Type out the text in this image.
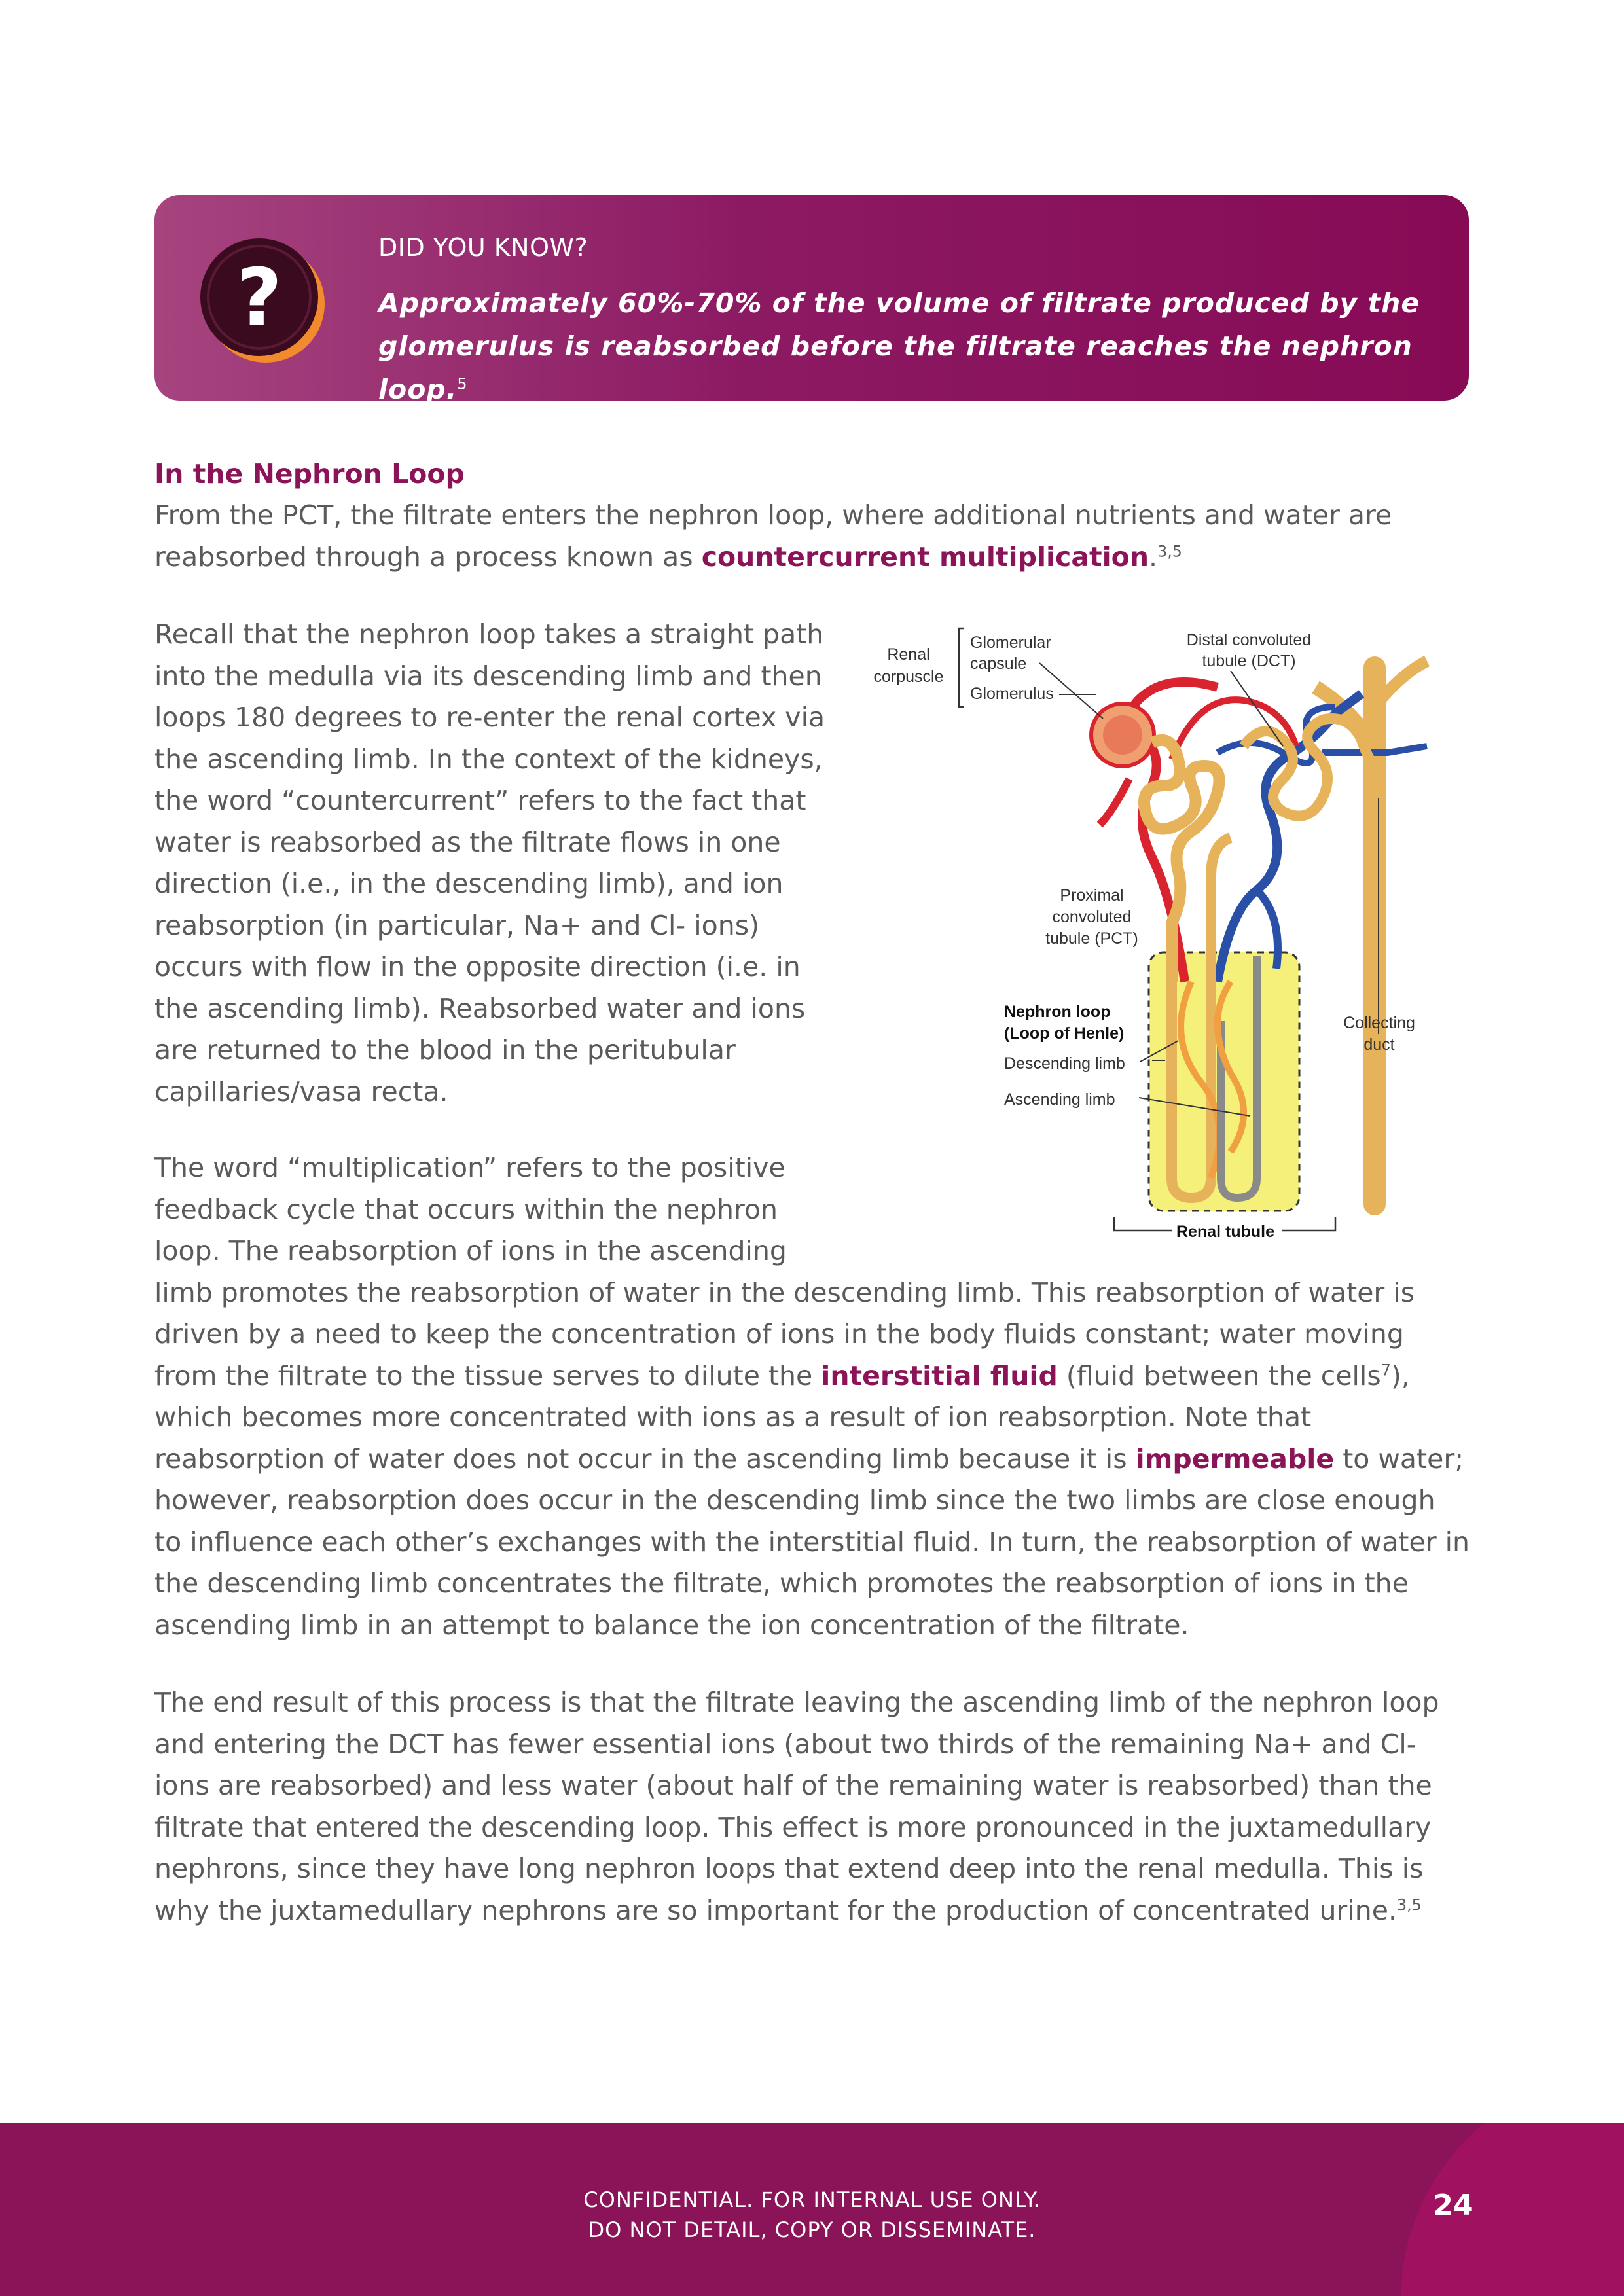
?
DID YOU KNOW?
Approximately 60%-70% of the volume of filtrate produced by the glomerulus is reabsorbed before the filtrate reaches the nephron loop.$^5$
In the Nephron Loop

From the PCT, the filtrate enters the nephron loop, where additional nutrients and water are reabsorbed through a process known as countercurrent multiplication.$^{3,5}$

Recall that the nephron loop takes a straight path into the medulla via its descending limb and then loops 180 degrees to re-enter the renal cortex via the ascending limb. In the context of the kidneys, the word “countercurrent” refers to the fact that water is reabsorbed as the filtrate flows in one direction (i.e., in the descending limb), and ion reabsorption (in particular, Na+ and Cl- ions) occurs with flow in the opposite direction (i.e. in the ascending limb). Reabsorbed water and ions are returned to the blood in the peritubular capillaries/vasa recta.

The word “multiplication” refers to the positive
feedback cycle that occurs within the nephron
loop. The reabsorption of ions in the ascending
limb promotes the reabsorption of water in the descending limb. This reabsorption of water is driven by a need to keep the concentration of ions in the body fluids constant; water moving from the filtrate to the tissue serves to dilute the interstitial fluid (fluid between the cells$^7$), which becomes more concentrated with ions as a result of ion reabsorption. Note that reabsorption of water does not occur in the ascending limb because it is impermeable to water; however, reabsorption does occur in the descending limb since the two limbs are close enough to influence each other’s exchanges with the interstitial fluid. In turn, the reabsorption of water in the descending limb concentrates the filtrate, which promotes the reabsorption of ions in the ascending limb in an attempt to balance the ion concentration of the filtrate.

The end result of this process is that the filtrate leaving the ascending limb of the nephron loop and entering the DCT has fewer essential ions (about two thirds of the remaining Na+ and Cl- ions are reabsorbed) and less water (about half of the remaining water is reabsorbed) than the filtrate that entered the descending loop. This effect is more pronounced in the juxtamedullary nephrons, since they have long nephron loops that extend deep into the renal medulla. This is why the juxtamedullary nephrons are so important for the production of concentrated urine.$^{3,5}$

Renal
corpuscle
Glomerular
capsule
Glomerulus
Distal convoluted
tubule (DCT)
Proximal
convoluted
tubule (PCT)
Nephron loop
(Loop of Henle)
Descending limb
Ascending limb
Collecting
duct
Renal tubule
CONFIDENTIAL. FOR INTERNAL USE ONLY.
DO NOT DETAIL, COPY OR DISSEMINATE.
24
